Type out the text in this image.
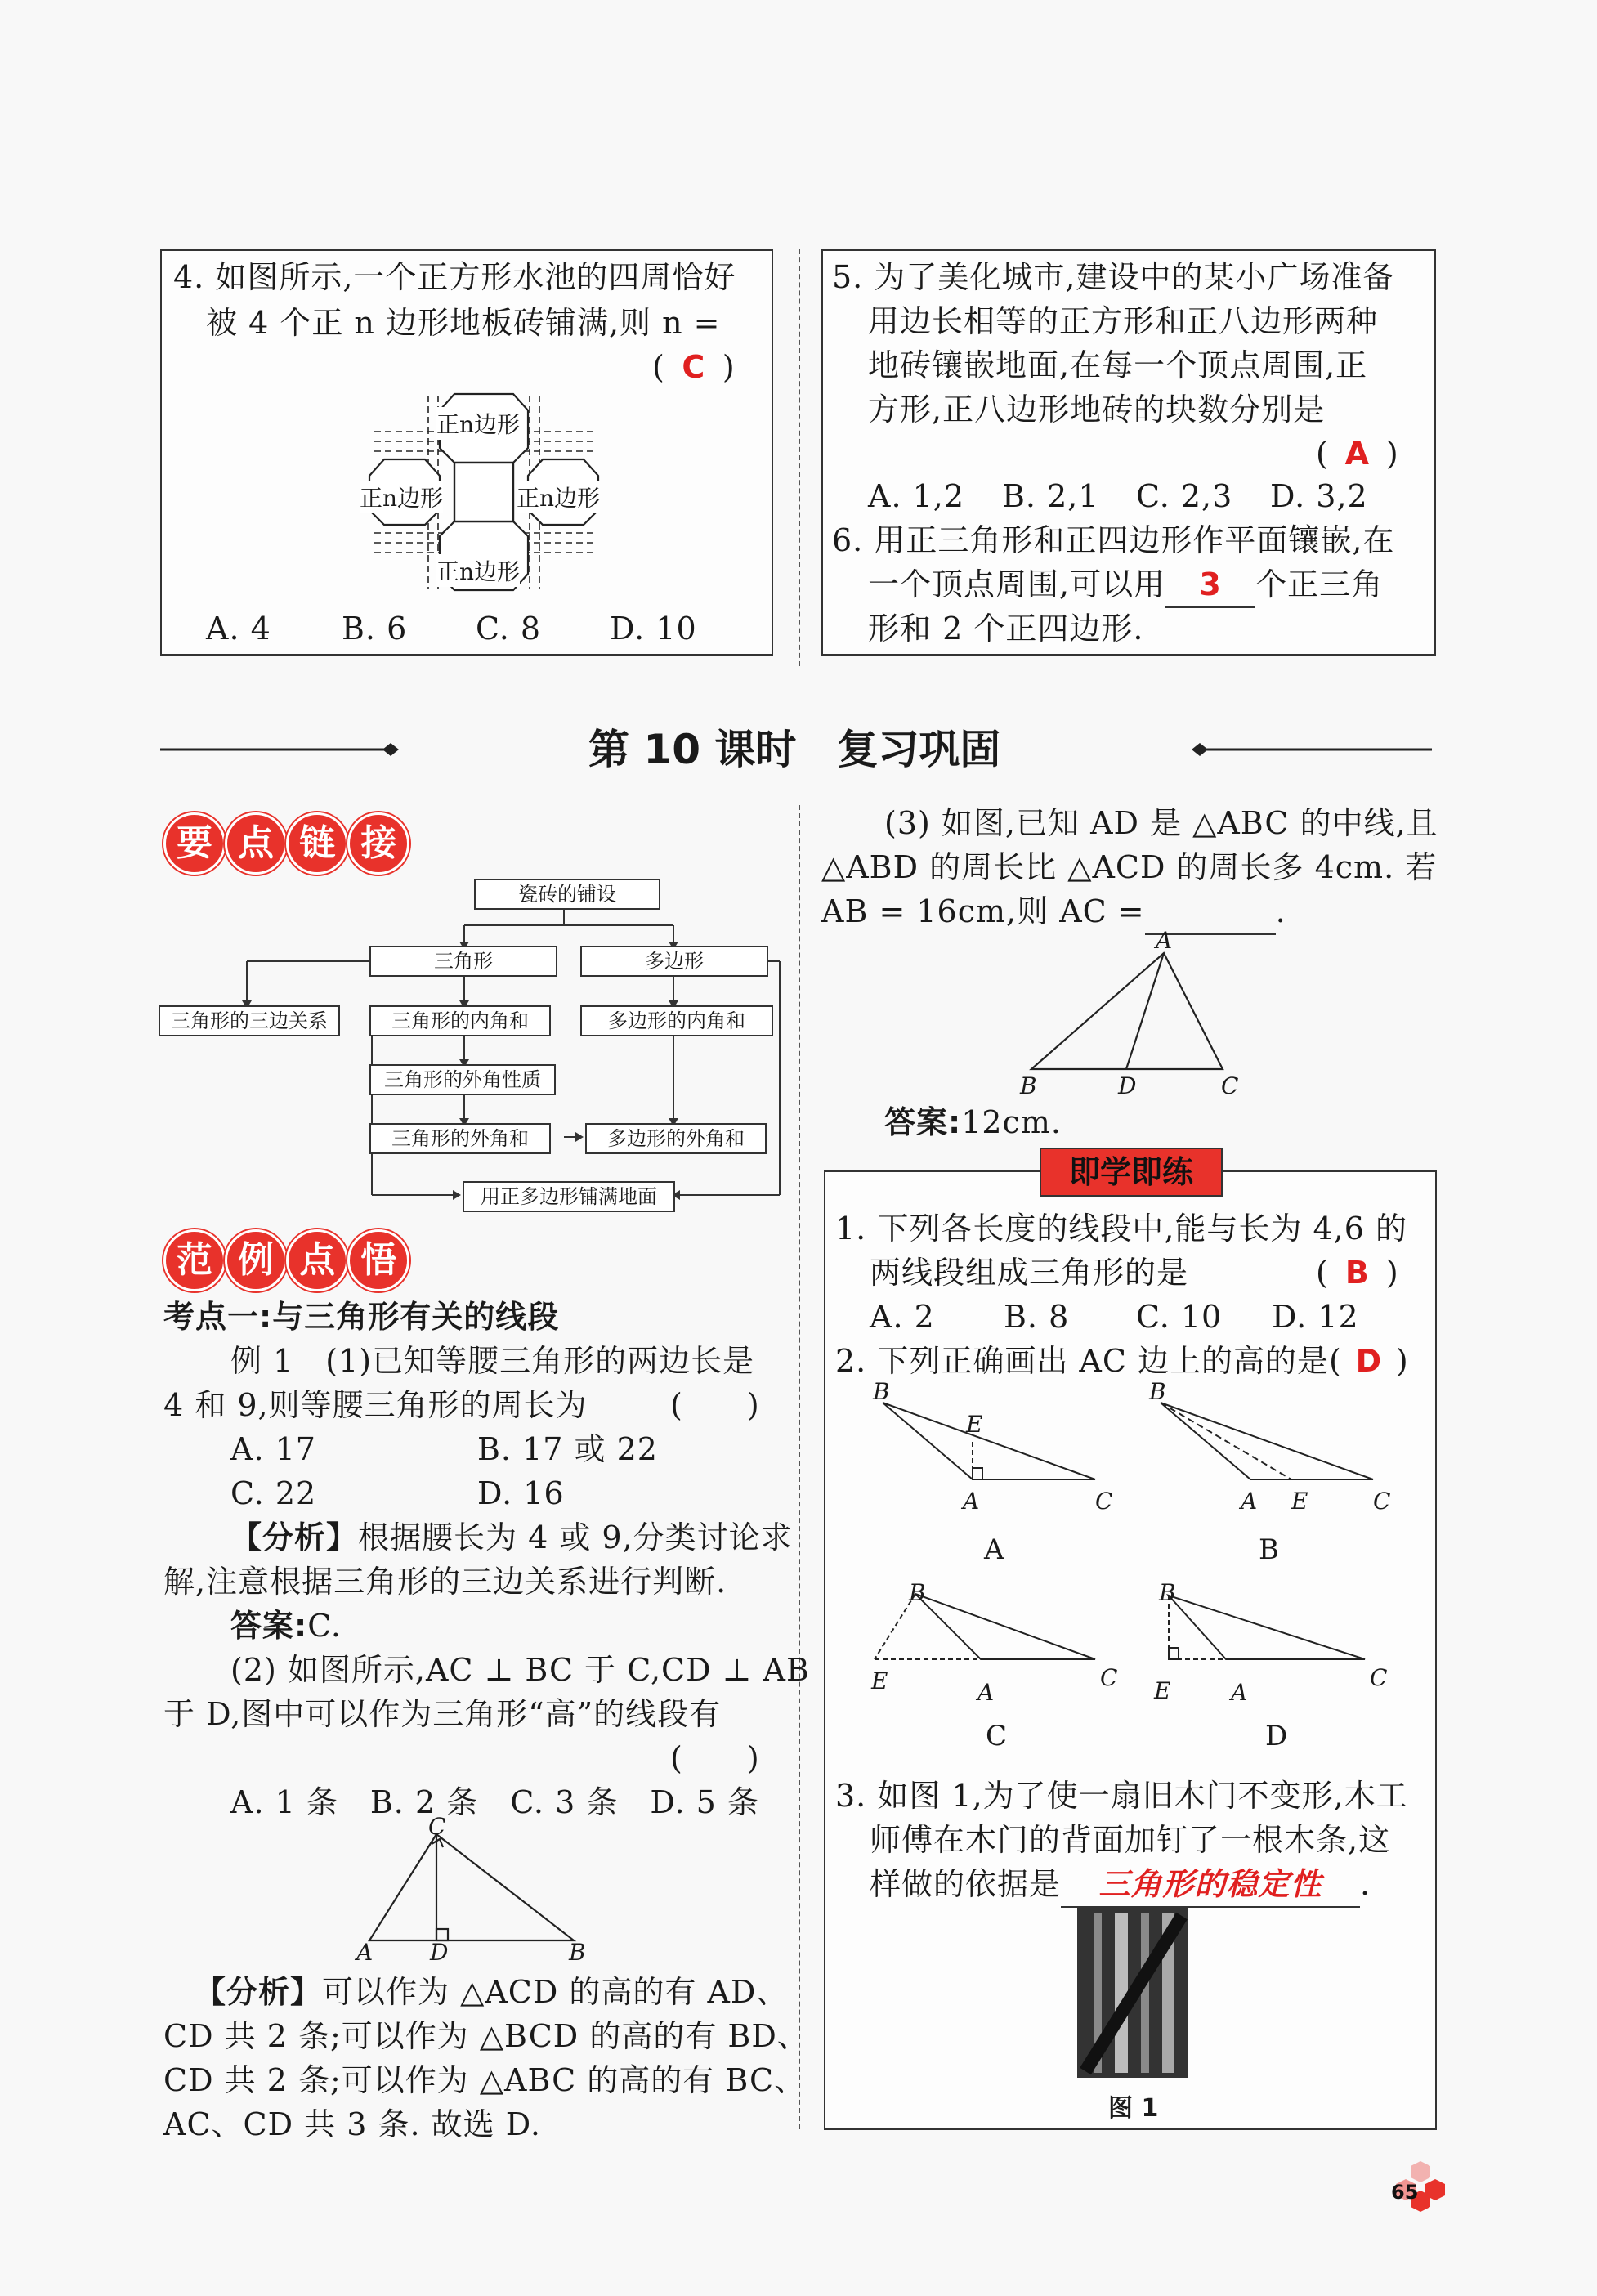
4. 如图所示,一个正方形水池的四周恰好
被 4 个正 n 边形地板砖铺满,则 n =
( C )
正n边形
正n边形	正n边形
正n边形
A. 4 B. 6 C. 8 D. 10
5. 为了美化城市,建设中的某小广场准备
用边长相等的正方形和正八边形两种
地砖镶嵌地面,在每一个顶点周围,正
方形,正八边形地砖的块数分别是
( A )
A. 1,2 B. 2,1 C. 2,3 D. 3,2
6. 用正三角形和正四边形作平面镶嵌,在
一个顶点周围,可以用 3 个正三角
形和 2 个正四边形.
第 10 课时　复习巩固
要 点 链 接
瓷砖的铺设
三角形	多边形
三角形的三边关系	三角形的内角和	多边形的内角和
三角形的外角性质
三角形的外角和	多边形的外角和
用正多边形铺满地面
范 例 点 悟
考点一:与三角形有关的线段
例 1　(1)已知等腰三角形的两边长是
4 和 9,则等腰三角形的周长为	(　　)
A. 17	B. 17 或 22
C. 22	D. 16
【分析】根据腰长为 4 或 9,分类讨论求
解,注意根据三角形的三边关系进行判断.
答案:C.
(2) 如图所示,AC ⊥ BC 于 C,CD ⊥ AB
于 D,图中可以作为三角形“高”的线段有
(　　)
A. 1 条　B. 2 条　C. 3 条　D. 5 条
C
A D	B
【分析】可以作为 △ACD 的高的有 AD、
CD 共 2 条;可以作为 △BCD 的高的有 BD、
CD 共 2 条;可以作为 △ABC 的高的有 BC、
AC、CD 共 3 条. 故选 D.
(3) 如图,已知 AD 是 △ABC 的中线,且
△ABD 的周长比 △ACD 的周长多 4cm. 若
AB = 16cm,则 AC =	.
A
B	D	C
答案:12cm.
即学即练
1. 下列各长度的线段中,能与长为 4,6 的
两线段组成三角形的是	( B )
A. 2 B. 8 C. 10 D. 12
2. 下列正确画出 AC 边上的高的是( D )
B
E
A	C
A
B
A E	C
B
B
E	A
C
C
B
E	A
C
D
3. 如图 1,为了使一扇旧木门不变形,木工
师傅在木门的背面加钉了一根木条,这
样做的依据是 三角形的稳定性 .
图 1
65
